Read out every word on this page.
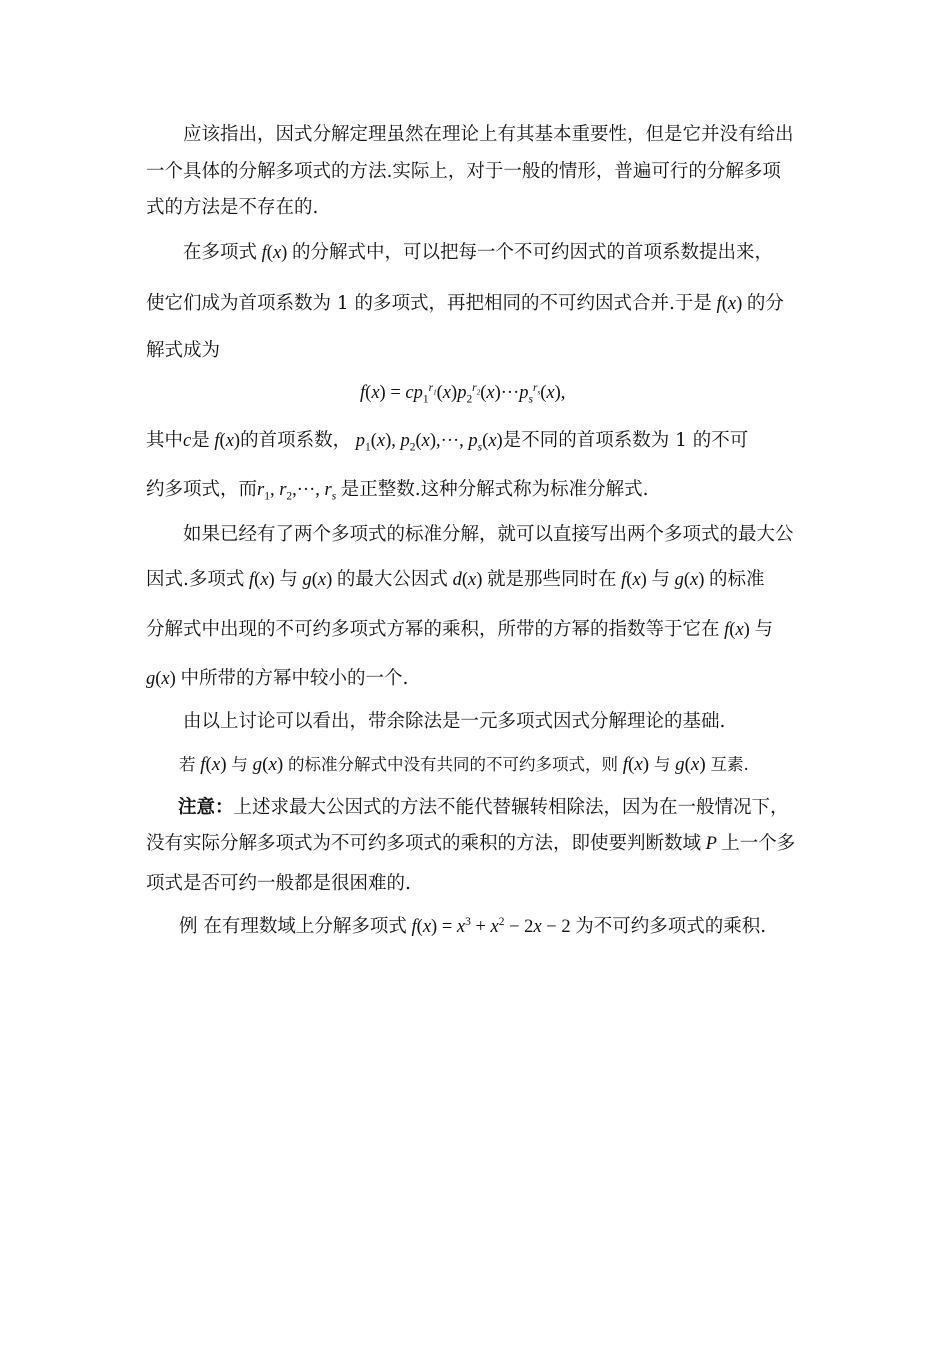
应该指出，因式分解定理虽然在理论上有其基本重要性，但是它并没有给出
一个具体的分解多项式的方法.实际上，对于一般的情形，普遍可行的分解多项
式的方法是不存在的.
在多项式 f(x) 的分解式中，可以把每一个不可约因式的首项系数提出来，
使它们成为首项系数为 1 的多项式，再把相同的不可约因式合并.于是 f(x) 的分
解式成为
$f(x) = cp_1^{r_1}(x)p_2^{r_2}(x)\cdot\cdot\cdot p_s^{r_s}(x)$,
其中c是 f(x)的首项系数， $p_1(x)$, $p_2(x),\cdot\cdot\cdot$, $p_s(x)$是不同的首项系数为 1 的不可
约多项式，而$r_1$, $r_2,\cdot\cdot\cdot$, $r_s$ 是正整数.这种分解式称为标准分解式.
如果已经有了两个多项式的标准分解，就可以直接写出两个多项式的最大公
因式.多项式 f(x) 与 g(x) 的最大公因式 d(x) 就是那些同时在 f(x) 与 g(x) 的标准
分解式中出现的不可约多项式方幂的乘积，所带的方幂的指数等于它在 f(x) 与
g(x) 中所带的方幂中较小的一个.
由以上讨论可以看出，带余除法是一元多项式因式分解理论的基础.
若 f(x) 与 g(x) 的标准分解式中没有共同的不可约多项式，则 f(x) 与 g(x) 互素.
注意：上述求最大公因式的方法不能代替辗转相除法，因为在一般情况下，
没有实际分解多项式为不可约多项式的乘积的方法，即使要判断数域 P 上一个多
项式是否可约一般都是很困难的.
例 在有理数域上分解多项式 $f(x) = x^3 + x^2 - 2x - 2$ 为不可约多项式的乘积.
